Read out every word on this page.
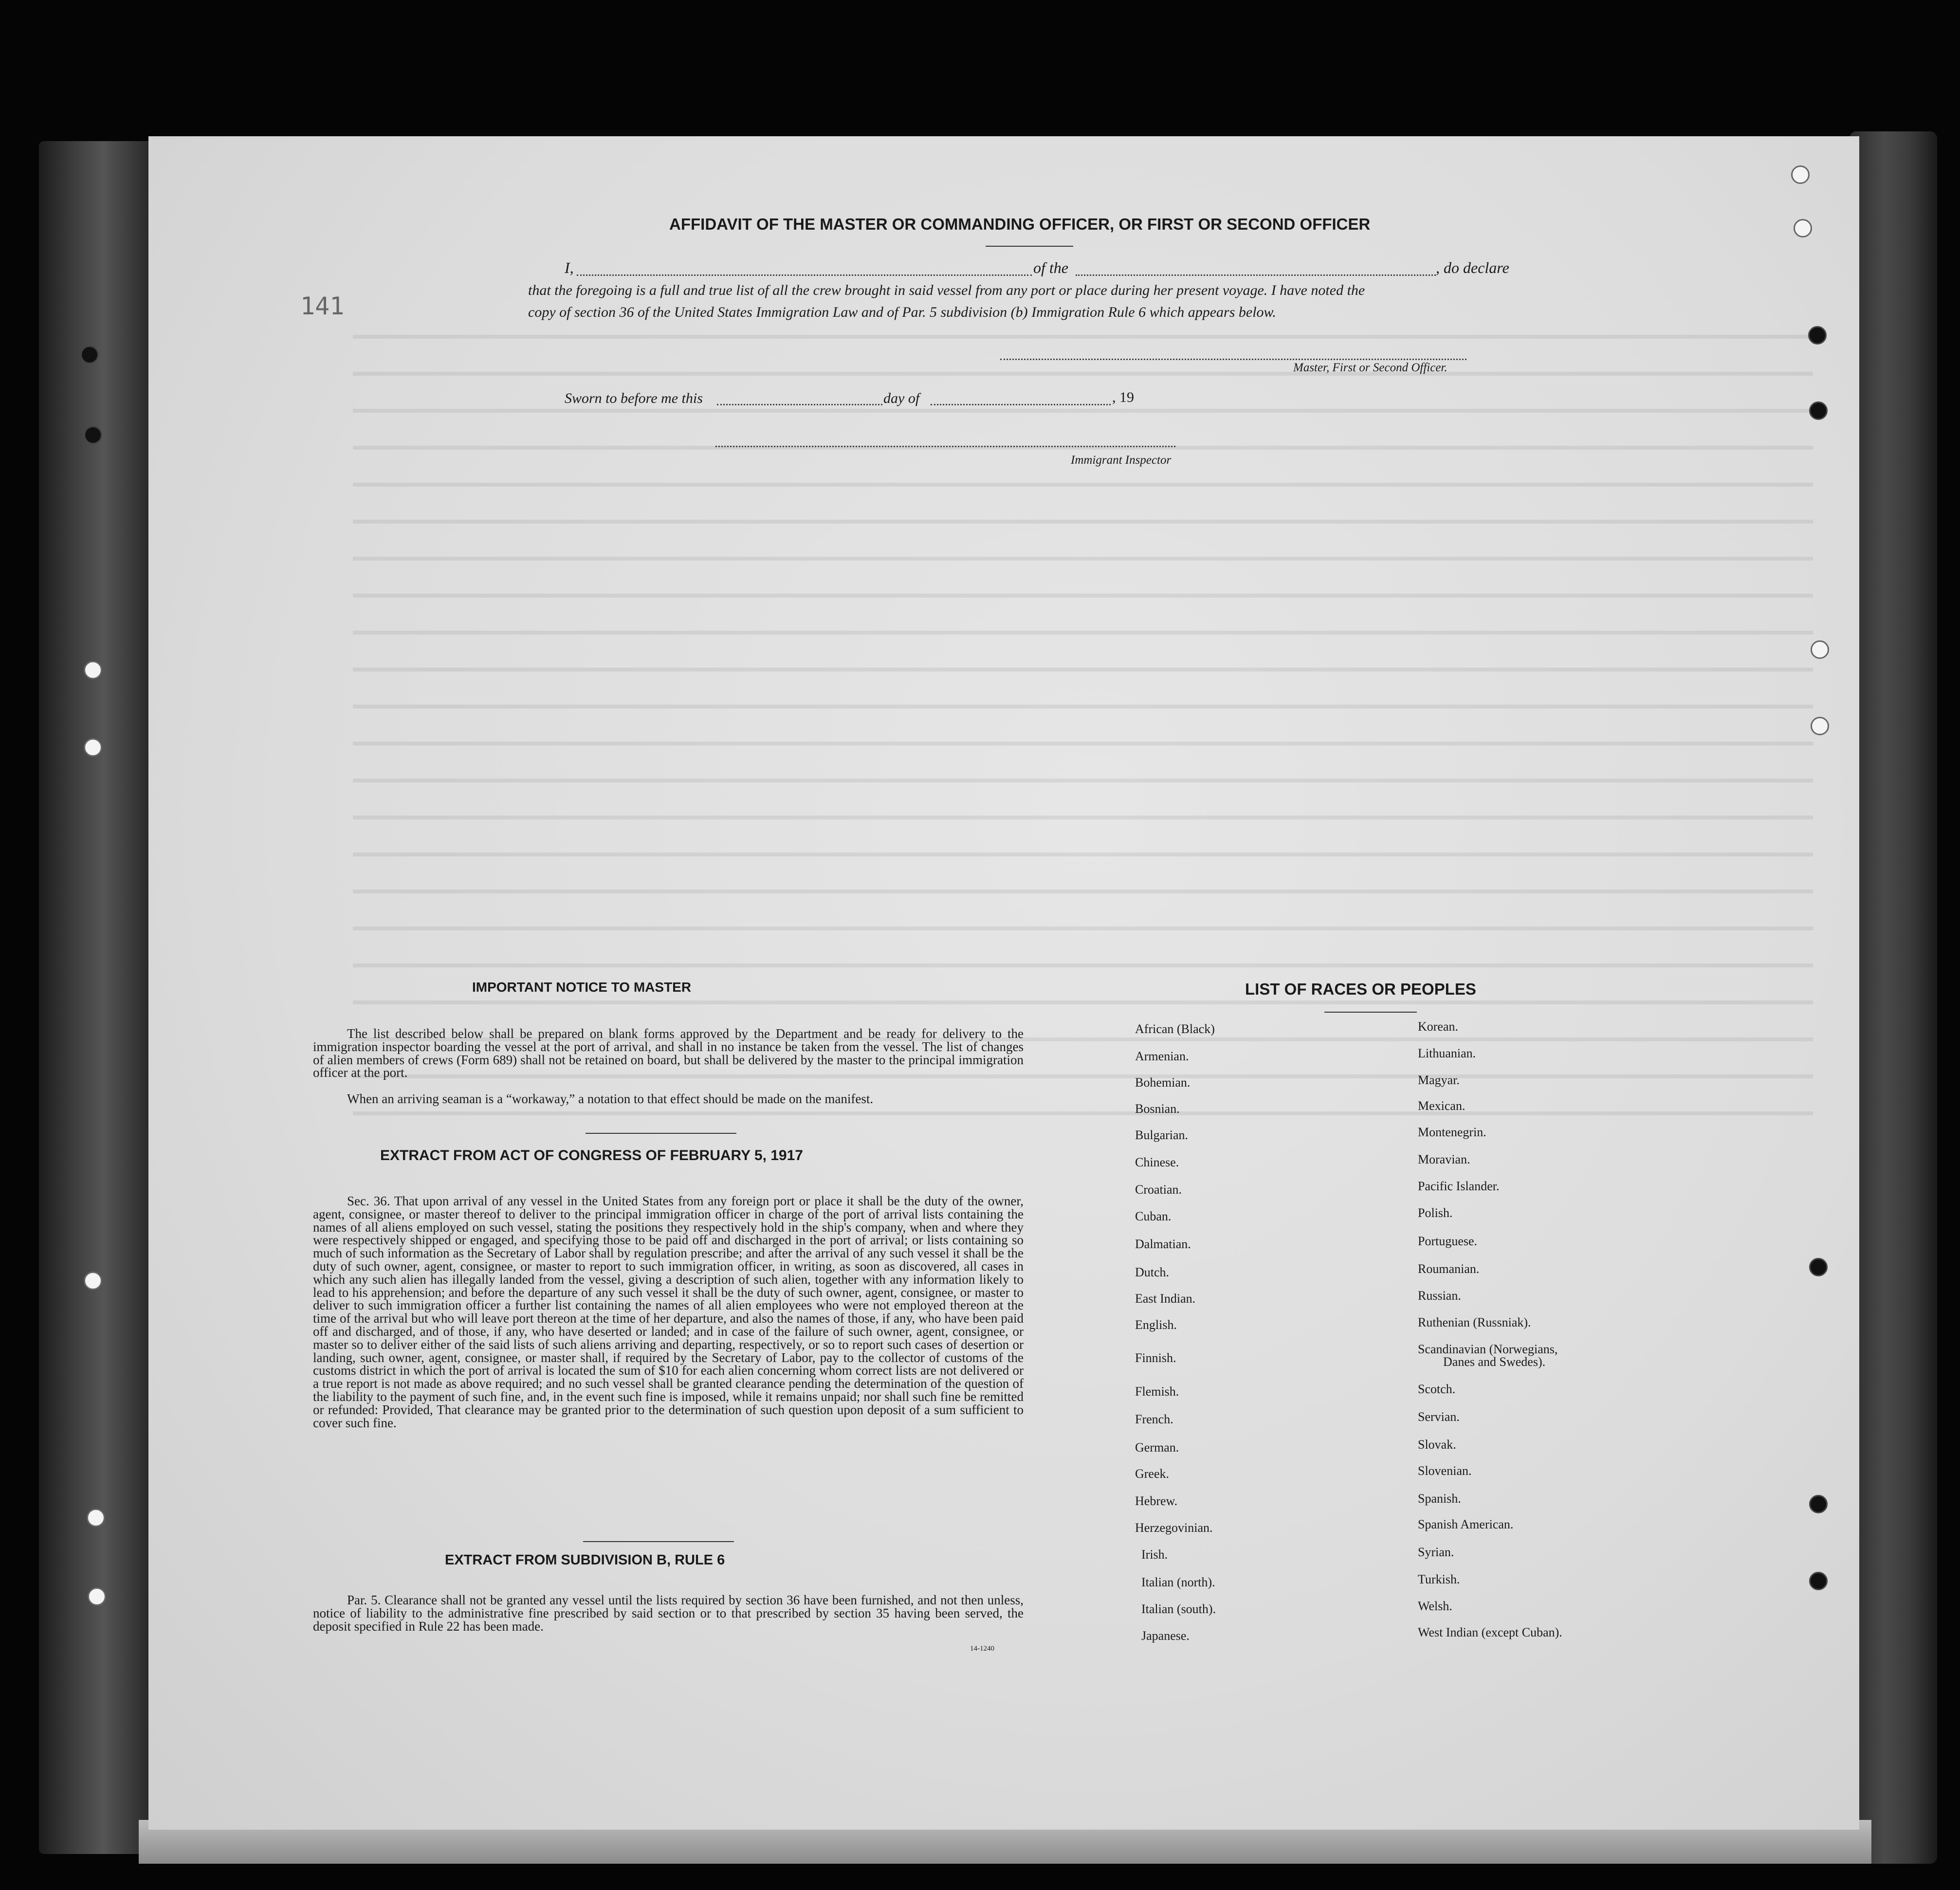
141
AFFIDAVIT OF THE MASTER OR COMMANDING OFFICER, OR FIRST OR SECOND OFFICER
I,	of the	, do declare
that the foregoing is a full and true list of all the crew brought in said vessel from any port or place during her present voyage. I have noted the
copy of section 36 of the United States Immigration Law and of Par. 5 subdivision (b) Immigration Rule 6 which appears below.
Master, First or Second Officer.
Sworn to before me this	day of	, 19
Immigrant Inspector
IMPORTANT NOTICE TO MASTER
The list described below shall be prepared on blank forms approved by the Department and be ready for delivery to the immigration inspector boarding the vessel at the port of arrival, and shall in no instance be taken from the vessel. The list of changes of alien members of crews (Form 689) shall not be retained on board, but shall be delivered by the master to the principal immigration officer at the port.
When an arriving seaman is a “workaway,” a notation to that effect should be made on the manifest.
EXTRACT FROM ACT OF CONGRESS OF FEBRUARY 5, 1917
Sec. 36. That upon arrival of any vessel in the United States from any foreign port or place it shall be the duty of the owner, agent, consignee, or master thereof to deliver to the principal immigration officer in charge of the port of arrival lists containing the names of all aliens employed on such vessel, stating the positions they respectively hold in the ship's company, when and where they were respectively shipped or engaged, and specifying those to be paid off and discharged in the port of arrival; or lists containing so much of such information as the Secretary of Labor shall by regulation prescribe; and after the arrival of any such vessel it shall be the duty of such owner, agent, consignee, or master to report to such immigration officer, in writing, as soon as discovered, all cases in which any such alien has illegally landed from the vessel, giving a description of such alien, together with any information likely to lead to his apprehension; and before the departure of any such vessel it shall be the duty of such owner, agent, consignee, or master to deliver to such immigration officer a further list containing the names of all alien employees who were not employed thereon at the time of the arrival but who will leave port thereon at the time of her departure, and also the names of those, if any, who have been paid off and discharged, and of those, if any, who have deserted or landed; and in case of the failure of such owner, agent, consignee, or master so to deliver either of the said lists of such aliens arriving and departing, respectively, or so to report such cases of desertion or landing, such owner, agent, consignee, or master shall, if required by the Secretary of Labor, pay to the collector of customs of the customs district in which the port of arrival is located the sum of $10 for each alien concerning whom correct lists are not delivered or a true report is not made as above required; and no such vessel shall be granted clearance pending the determination of the question of the liability to the payment of such fine, and, in the event such fine is imposed, while it remains unpaid; nor shall such fine be remitted or refunded: Provided, That clearance may be granted prior to the determination of such question upon deposit of a sum sufficient to cover such fine.
EXTRACT FROM SUBDIVISION B, RULE 6
Par. 5. Clearance shall not be granted any vessel until the lists required by section 36 have been furnished, and not then unless, notice of liability to the administrative fine prescribed by said section or to that prescribed by section 35 having been served, the deposit specified in Rule 22 has been made.
14-1240
LIST OF RACES OR PEOPLES
African (Black)
Armenian.
Bohemian.
Bosnian.
Bulgarian.
Chinese.
Croatian.
Cuban.
Dalmatian.
Dutch.
East Indian.
English.
Finnish.
Flemish.
French.
German.
Greek.
Hebrew.
Herzegovinian.
Irish.
Italian (north).
Italian (south).
Japanese.
Korean.
Lithuanian.
Magyar.
Mexican.
Montenegrin.
Moravian.
Pacific Islander.
Polish.
Portuguese.
Roumanian.
Russian.
Ruthenian (Russniak).
Scandinavian (Norwegians,
Danes and Swedes).
Scotch.
Servian.
Slovak.
Slovenian.
Spanish.
Spanish American.
Syrian.
Turkish.
Welsh.
West Indian (except Cuban).
